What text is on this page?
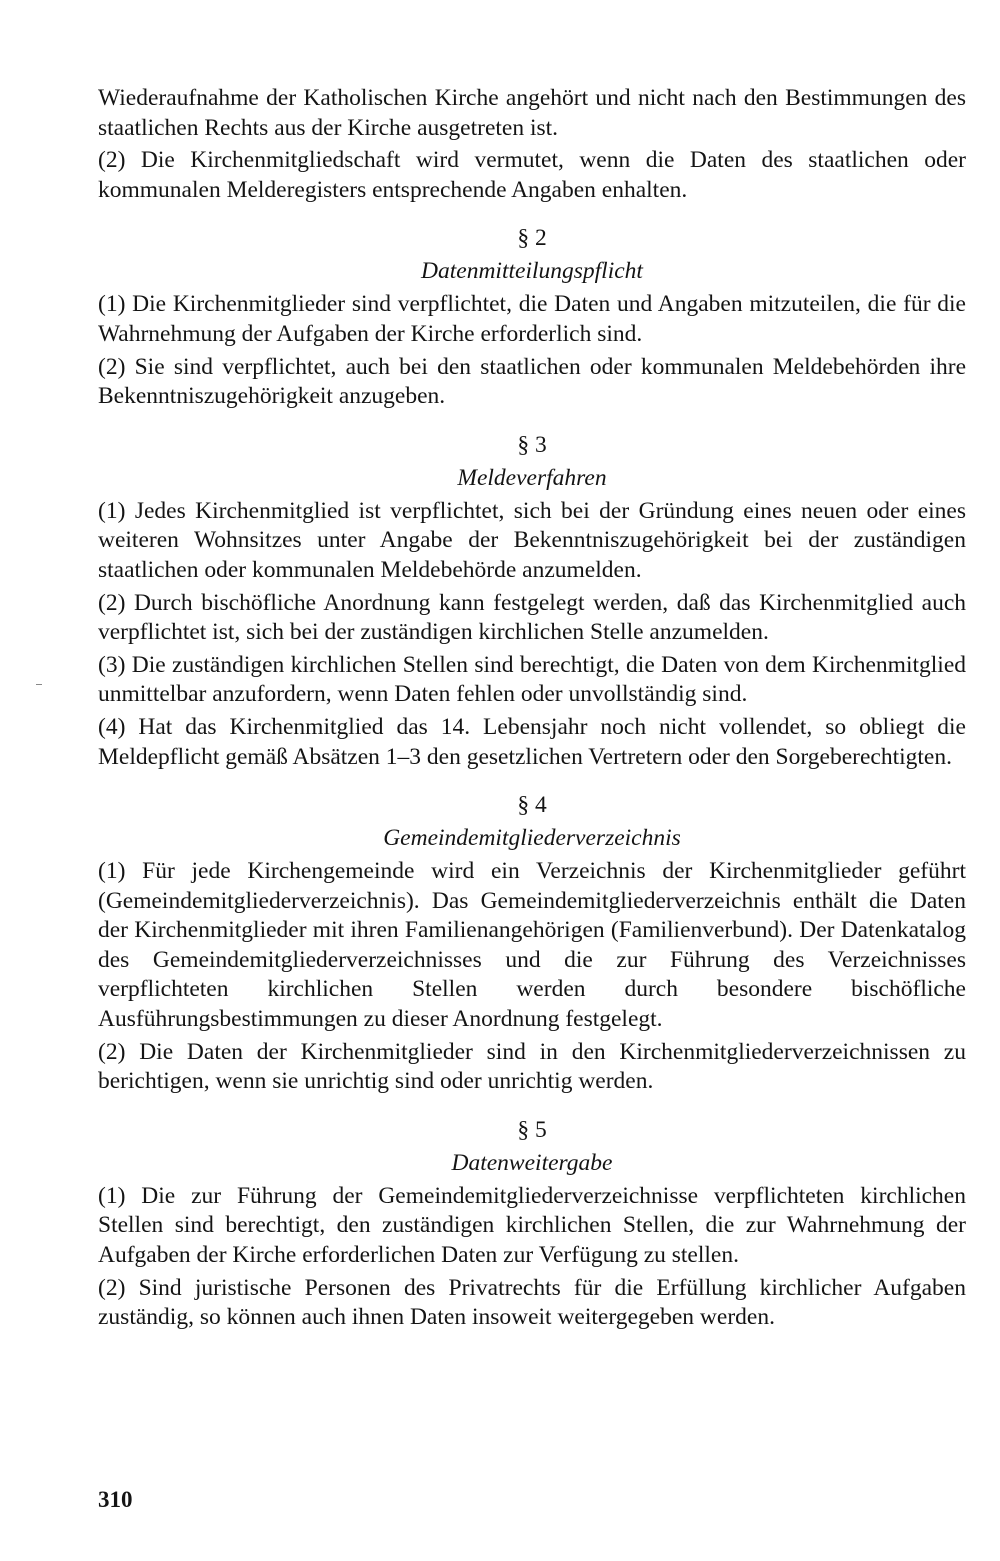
Wiederaufnahme der Katholischen Kirche angehört und nicht nach den Bestimmungen des staatlichen Rechts aus der Kirche ausgetreten ist.

(2) Die Kirchenmitgliedschaft wird vermutet, wenn die Daten des staatlichen oder kommunalen Melderegisters entsprechende Angaben enhalten.

§ 2
Datenmitteilungspflicht

(1) Die Kirchenmitglieder sind verpflichtet, die Daten und Angaben mitzuteilen, die für die Wahrnehmung der Aufgaben der Kirche erforderlich sind.

(2) Sie sind verpflichtet, auch bei den staatlichen oder kommunalen Meldebehörden ihre Bekenntniszugehörigkeit anzugeben.

§ 3
Meldeverfahren

(1) Jedes Kirchenmitglied ist verpflichtet, sich bei der Gründung eines neuen oder eines weiteren Wohnsitzes unter Angabe der Bekenntniszugehörigkeit bei der zuständigen staatlichen oder kommunalen Meldebehörde anzumelden.

(2) Durch bischöfliche Anordnung kann festgelegt werden, daß das Kirchenmitglied auch verpflichtet ist, sich bei der zuständigen kirchlichen Stelle anzumelden.

(3) Die zuständigen kirchlichen Stellen sind berechtigt, die Daten von dem Kirchenmitglied unmittelbar anzufordern, wenn Daten fehlen oder unvollständig sind.

(4) Hat das Kirchenmitglied das 14. Lebensjahr noch nicht vollendet, so obliegt die Meldepflicht gemäß Absätzen 1–3 den gesetzlichen Vertretern oder den Sorgeberechtigten.

§ 4
Gemeindemitgliederverzeichnis

(1) Für jede Kirchengemeinde wird ein Verzeichnis der Kirchenmitglieder geführt (Gemeindemitgliederverzeichnis). Das Gemeindemitgliederverzeichnis enthält die Daten der Kirchenmitglieder mit ihren Familienangehörigen (Familienverbund). Der Datenkatalog des Gemeindemitgliederverzeichnisses und die zur Führung des Verzeichnisses verpflichteten kirchlichen Stellen werden durch besondere bischöfliche Ausführungsbestimmungen zu dieser Anordnung festgelegt.

(2) Die Daten der Kirchenmitglieder sind in den Kirchenmitgliederverzeichnissen zu berichtigen, wenn sie unrichtig sind oder unrichtig werden.

§ 5
Datenweitergabe

(1) Die zur Führung der Gemeindemitgliederverzeichnisse verpflichteten kirchlichen Stellen sind berechtigt, den zuständigen kirchlichen Stellen, die zur Wahrnehmung der Aufgaben der Kirche erforderlichen Daten zur Verfügung zu stellen.

(2) Sind juristische Personen des Privatrechts für die Erfüllung kirchlicher Aufgaben zuständig, so können auch ihnen Daten insoweit weitergegeben werden.

310
